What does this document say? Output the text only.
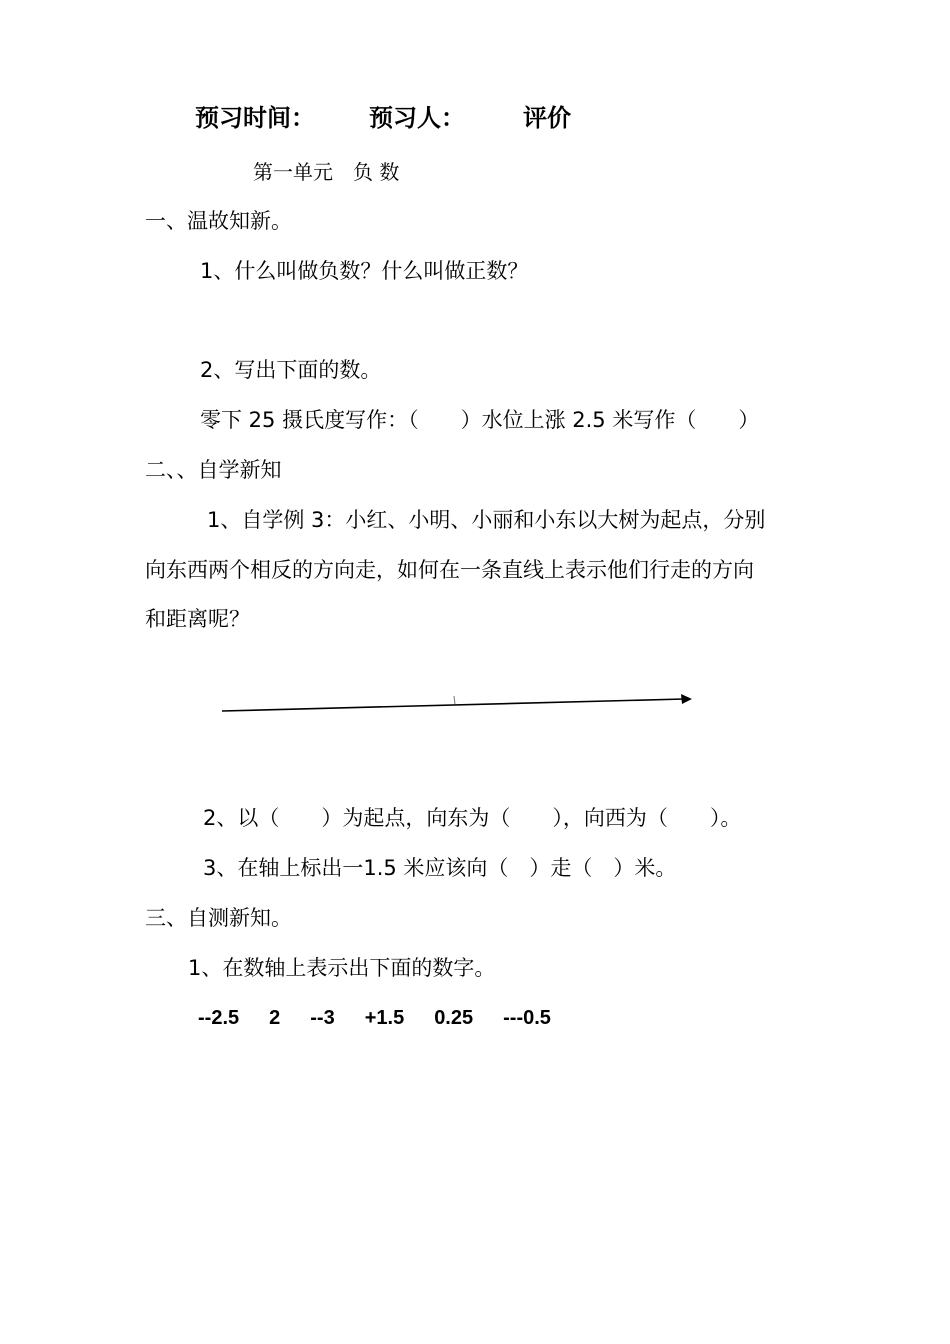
预习时间： 预习人： 评价
第一单元　负 数
一、温故知新。
1、什么叫做负数？什么叫做正数？
2、写出下面的数。
零下 25 摄氏度写作：（　　）水位上涨 2.5 米写作（　　）
二、、自学新知
1、自学例 3：小红、小明、小丽和小东以大树为起点，分别
向东西两个相反的方向走，如何在一条直线上表示他们行走的方向
和距离呢？
2、以（　　）为起点，向东为（　　），向西为（　　）。
3、在轴上标出一1.5 米应该向（　）走（　）米。
三、自测新知。
1、在数轴上表示出下面的数字。
--2.5 2 --3 +1.5 0.25 ---0.5
